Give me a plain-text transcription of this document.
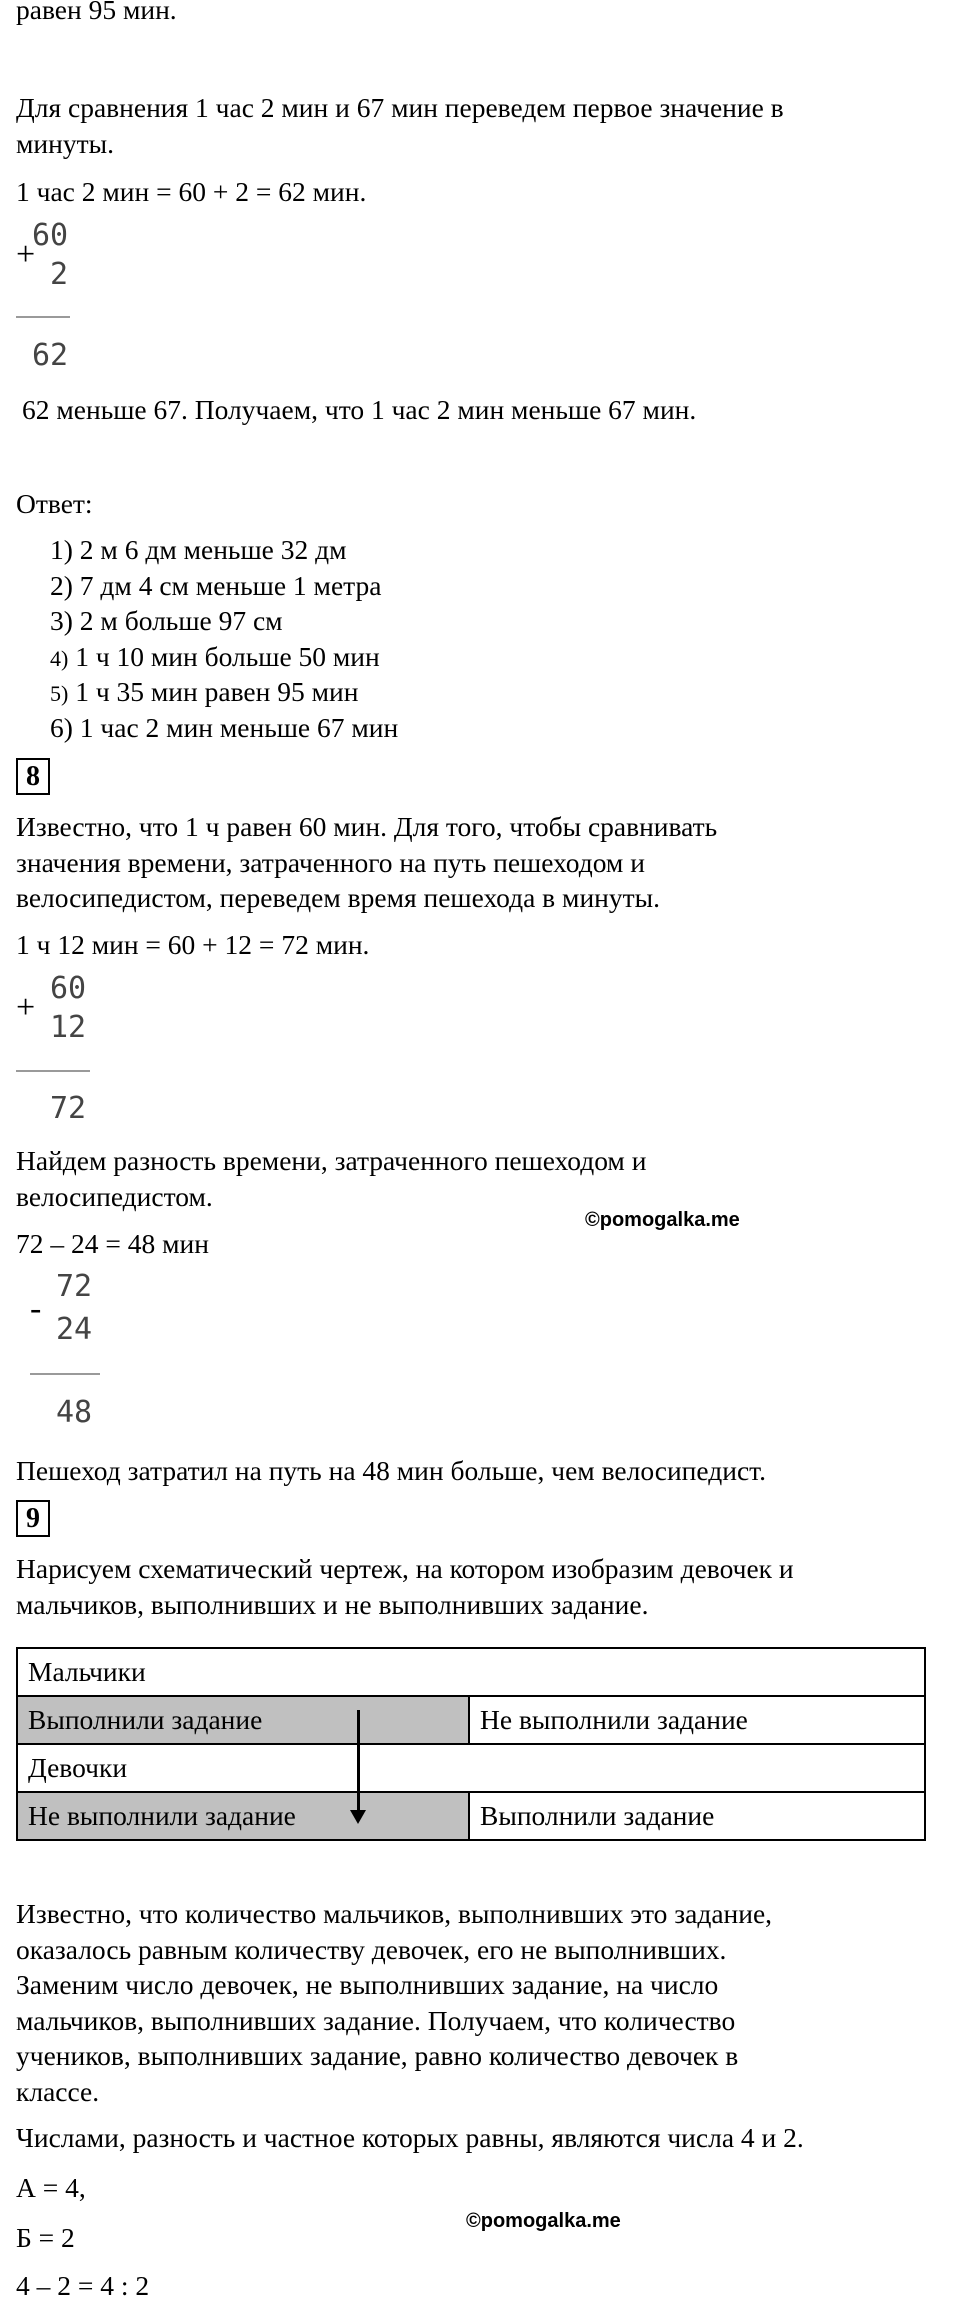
равен 95 мин.
Для сравнения 1 час 2 мин и 67 мин переведем первое значение в
минуты.
1 час 2 мин = 60 + 2 = 62 мин.
60
+
2
62
62 меньше 67. Получаем, что 1 час 2 мин меньше 67 мин.
Ответ:
1) 2 м 6 дм меньше 32 дм
2) 7 дм 4 см меньше 1 метра
3) 2 м больше 97 см
4) 1 ч 10 мин больше 50 мин
5) 1 ч 35 мин равен 95 мин
6) 1 час 2 мин меньше 67 мин
8
Известно, что 1 ч равен 60 мин. Для того, чтобы сравнивать
значения времени, затраченного на путь пешеходом и
велосипедистом, переведем время пешехода в минуты.
1 ч 12 мин = 60 + 12 = 72 мин.
60
+
12
72
Найдем разность времени, затраченного пешеходом и
велосипедистом.
©pomogalka.me
72 – 24 = 48 мин
72
-
24
48
Пешеход затратил на путь на 48 мин больше, чем велосипедист.
9
Нарисуем схематический чертеж, на котором изобразим девочек и
мальчиков, выполнивших и не выполнивших задание.
Мальчики	
Выполнили задание	Не выполнили задание
Девочки	
Не выполнили задание	Выполнили задание
Известно, что количество мальчиков, выполнивших это задание,
оказалось равным количеству девочек, его не выполнивших.
Заменим число девочек, не выполнивших задание, на число
мальчиков, выполнивших задание. Получаем, что количество
учеников, выполнивших задание, равно количество девочек в
классе.
Числами, разность и частное которых равны, являются числа 4 и 2.
А = 4,
©pomogalka.me
Б = 2
4 – 2 = 4 : 2
